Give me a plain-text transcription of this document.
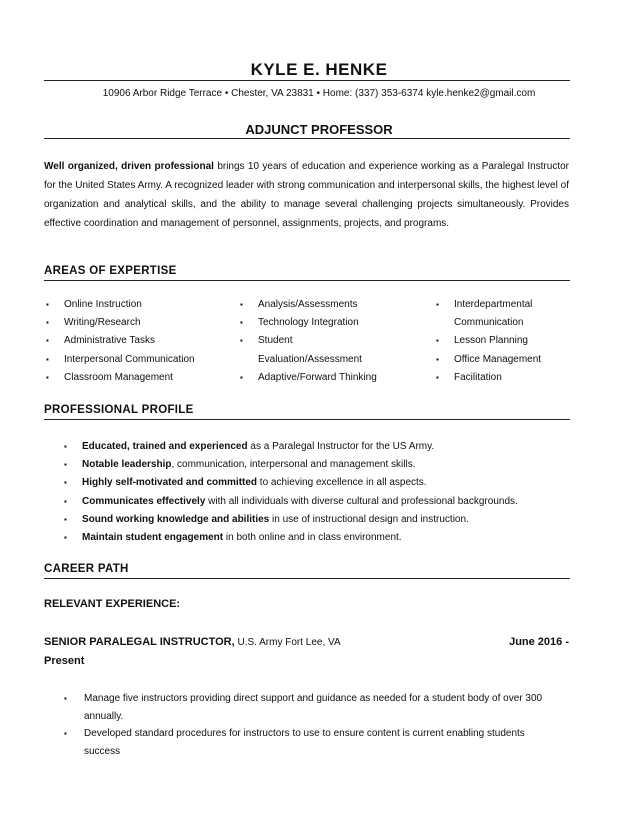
KYLE E. HENKE
10906 Arbor Ridge Terrace • Chester, VA 23831 • Home: (337) 353-6374 kyle.henke2@gmail.com
ADJUNCT PROFESSOR
Well organized, driven professional brings 10 years of education and experience working as a Paralegal Instructor for the United States Army. A recognized leader with strong communication and interpersonal skills, the highest level of organization and analytical skills, and the ability to manage several challenging projects simultaneously. Provides effective coordination and management of personnel, assignments, projects, and programs.
AREAS OF EXPERTISE
▪ Online Instruction
▪ Writing/Research
▪ Administrative Tasks
▪ Interpersonal Communication
▪ Classroom Management
▪ Analysis/Assessments
▪ Technology Integration
▪ Student Evaluation/Assessment
▪ Adaptive/Forward Thinking
▪ Interdepartmental Communication
▪ Lesson Planning
▪ Office Management
▪ Facilitation
PROFESSIONAL PROFILE
▪ Educated, trained and experienced as a Paralegal Instructor for the US Army.
▪ Notable leadership, communication, interpersonal and management skills.
▪ Highly self-motivated and committed to achieving excellence in all aspects.
▪ Communicates effectively with all individuals with diverse cultural and professional backgrounds.
▪ Sound working knowledge and abilities in use of instructional design and instruction.
▪ Maintain student engagement in both online and in class environment.
CAREER PATH
RELEVANT EXPERIENCE:
SENIOR PARALEGAL INSTRUCTOR, U.S. Army Fort Lee, VA	June 2016 -
Present
▪ Manage five instructors providing direct support and guidance as needed for a student body of over 300 annually.
▪ Developed standard procedures for instructors to use to ensure content is current enabling students success
